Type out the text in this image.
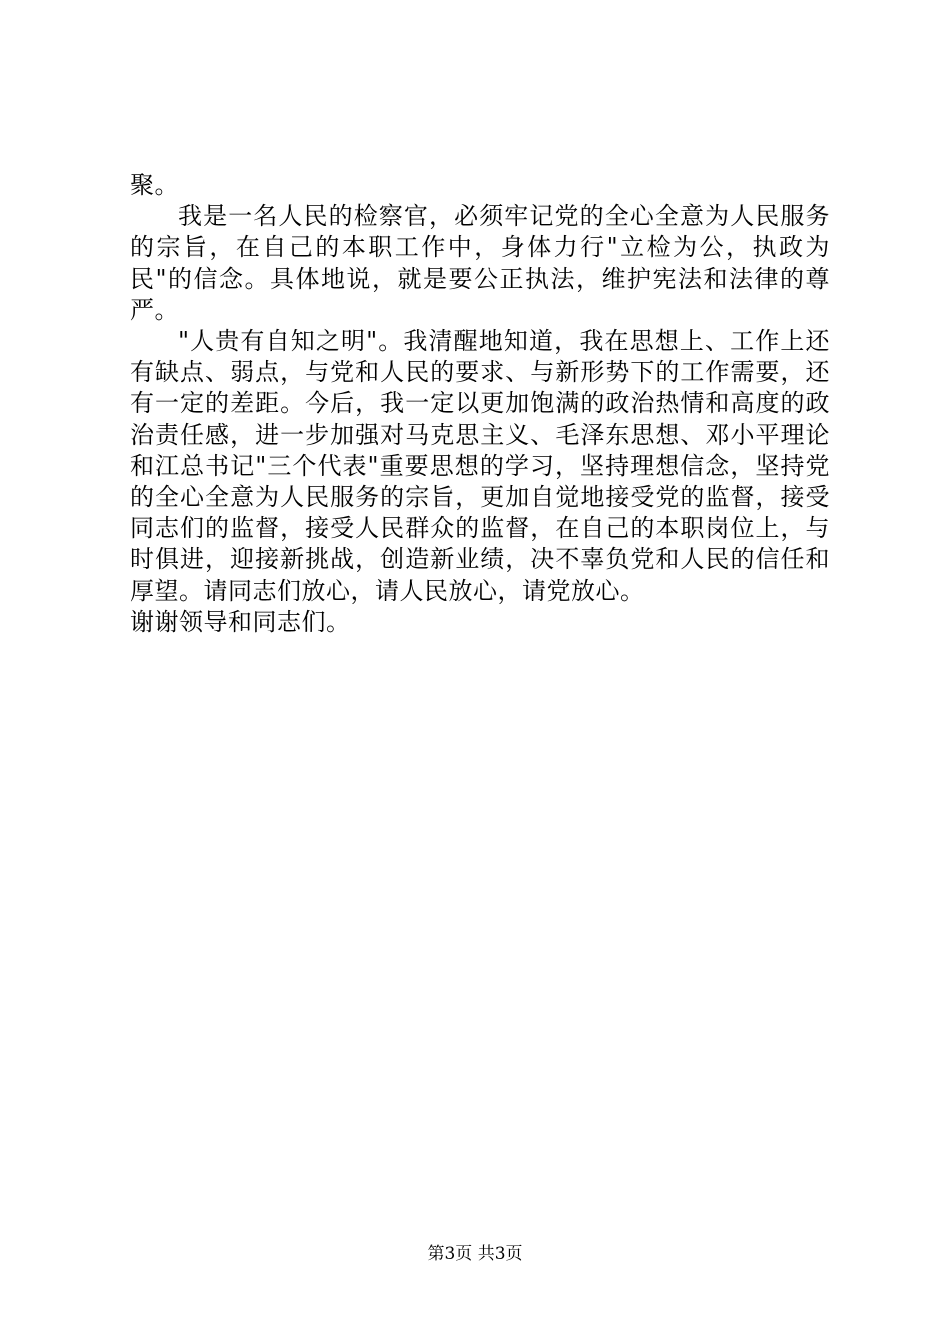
聚。

我是一名人民的检察官，必须牢记党的全心全意为人民服务的宗旨，在自己的本职工作中，身体力行"立检为公，执政为民"的信念。具体地说，就是要公正执法，维护宪法和法律的尊严。

"人贵有自知之明"。我清醒地知道，我在思想上、工作上还有缺点、弱点，与党和人民的要求、与新形势下的工作需要，还有一定的差距。今后，我一定以更加饱满的政治热情和高度的政治责任感，进一步加强对马克思主义、毛泽东思想、邓小平理论和江总书记"三个代表"重要思想的学习，坚持理想信念，坚持党的全心全意为人民服务的宗旨，更加自觉地接受党的监督，接受同志们的监督，接受人民群众的监督，在自己的本职岗位上，与时俱进，迎接新挑战，创造新业绩，决不辜负党和人民的信任和厚望。请同志们放心，请人民放心，请党放心。

谢谢领导和同志们。

第3页 共3页
